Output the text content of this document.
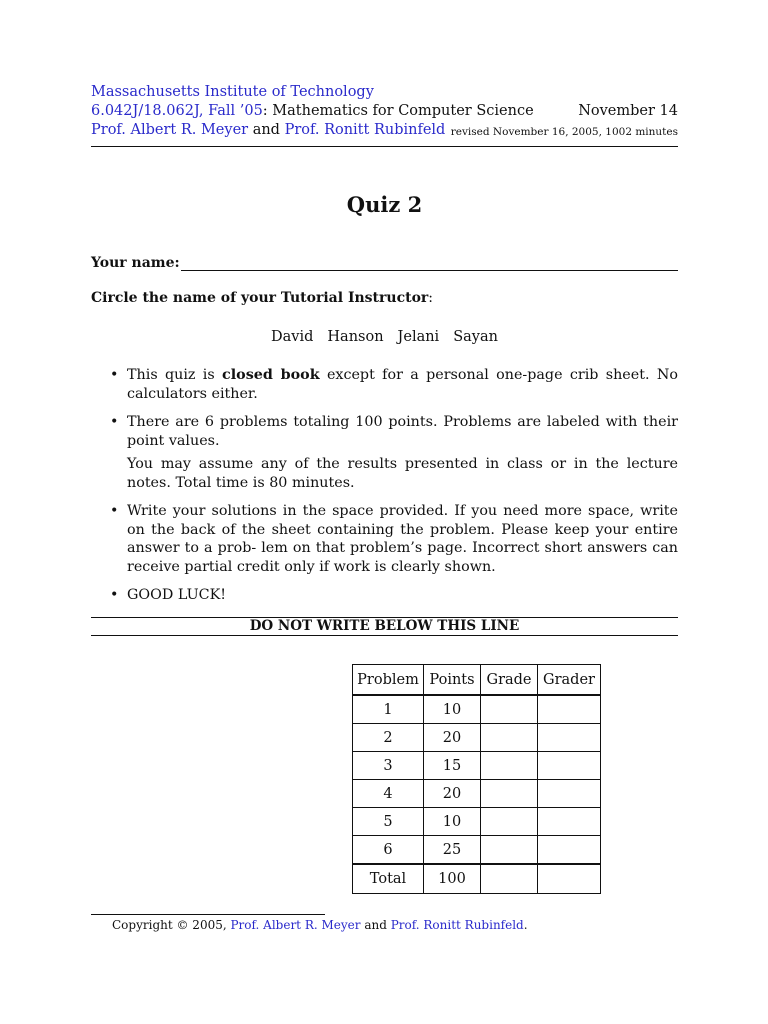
Massachusetts Institute of Technology
6.042J/18.062J, Fall ’05: Mathematics for Computer Science	November 14
Prof. Albert R. Meyer and Prof. Ronitt Rubinfeld revised November 16, 2005, 1002 minutes
Quiz 2
Your name:
Circle the name of your Tutorial Instructor:
David Hanson Jelani Sayan
• This quiz is closed book except for a personal one-page crib sheet. No calculators either.

• There are 6 problems totaling 100 points. Problems are labeled with their point values.

You may assume any of the results presented in class or in the lecture notes. Total time is 80 minutes.

• Write your solutions in the space provided. If you need more space, write on the back of the sheet containing the problem. Please keep your entire answer to a prob- lem on that problem’s page. Incorrect short answers can receive partial credit only if work is clearly shown.

• GOOD LUCK!

DO NOT WRITE BELOW THIS LINE
Problem	Points	Grade	Grader

1	10		
2	20		
3	15		
4	20		
5	10		
6	25		

Total	100		
Copyright © 2005, Prof. Albert R. Meyer and Prof. Ronitt Rubinfeld.
